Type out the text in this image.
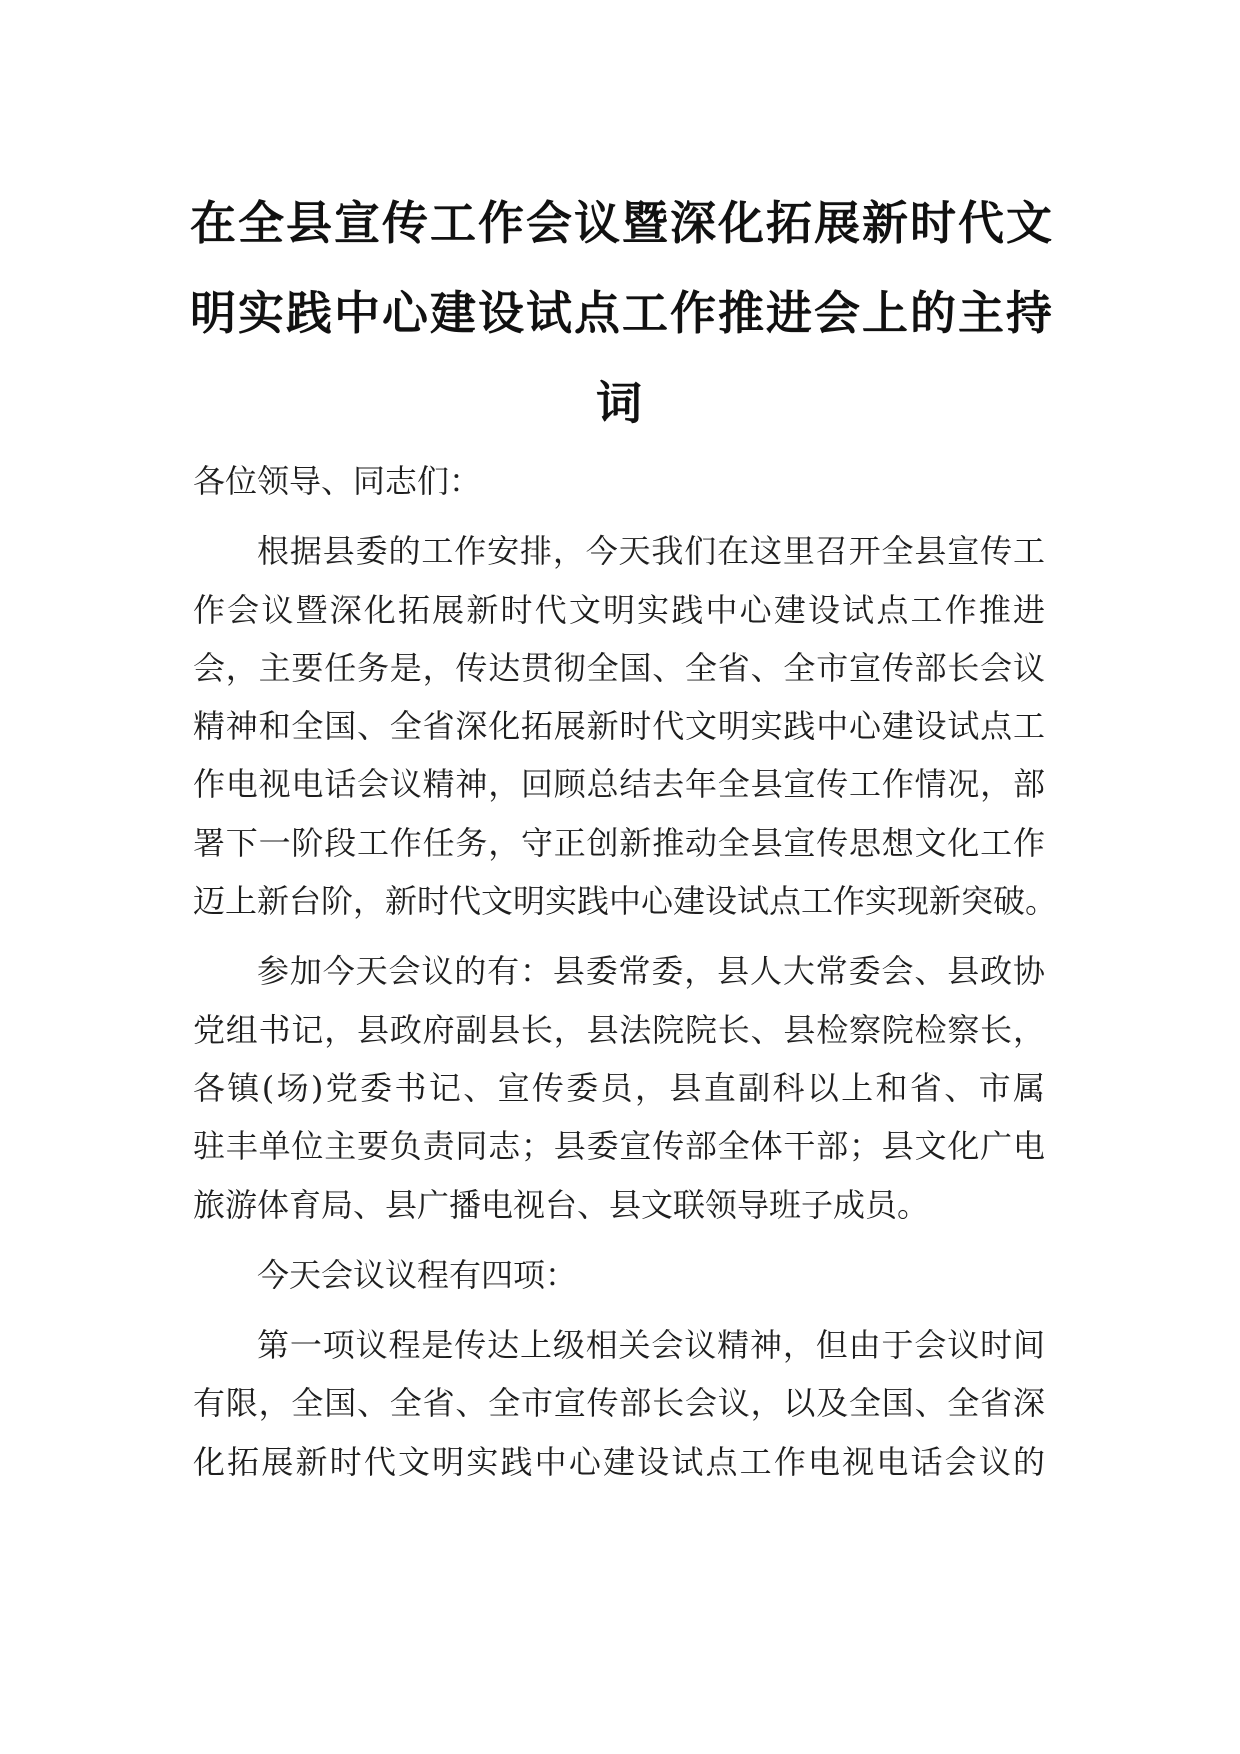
在全县宣传工作会议暨深化拓展新时代文
明实践中心建设试点工作推进会上的主持
词

各位领导、同志们：

根据县委的工作安排，今天我们在这里召开全县宣传工
作会议暨深化拓展新时代文明实践中心建设试点工作推进
会，主要任务是，传达贯彻全国、全省、全市宣传部长会议
精神和全国、全省深化拓展新时代文明实践中心建设试点工
作电视电话会议精神，回顾总结去年全县宣传工作情况，部
署下一阶段工作任务，守正创新推动全县宣传思想文化工作
迈上新台阶，新时代文明实践中心建设试点工作实现新突破。

参加今天会议的有：县委常委，县人大常委会、县政协
党组书记，县政府副县长，县法院院长、县检察院检察长，
各镇(场)党委书记、宣传委员，县直副科以上和省、市属
驻丰单位主要负责同志；县委宣传部全体干部；县文化广电
旅游体育局、县广播电视台、县文联领导班子成员。

今天会议议程有四项：

第一项议程是传达上级相关会议精神，但由于会议时间
有限，全国、全省、全市宣传部长会议，以及全国、全省深
化拓展新时代文明实践中心建设试点工作电视电话会议的
